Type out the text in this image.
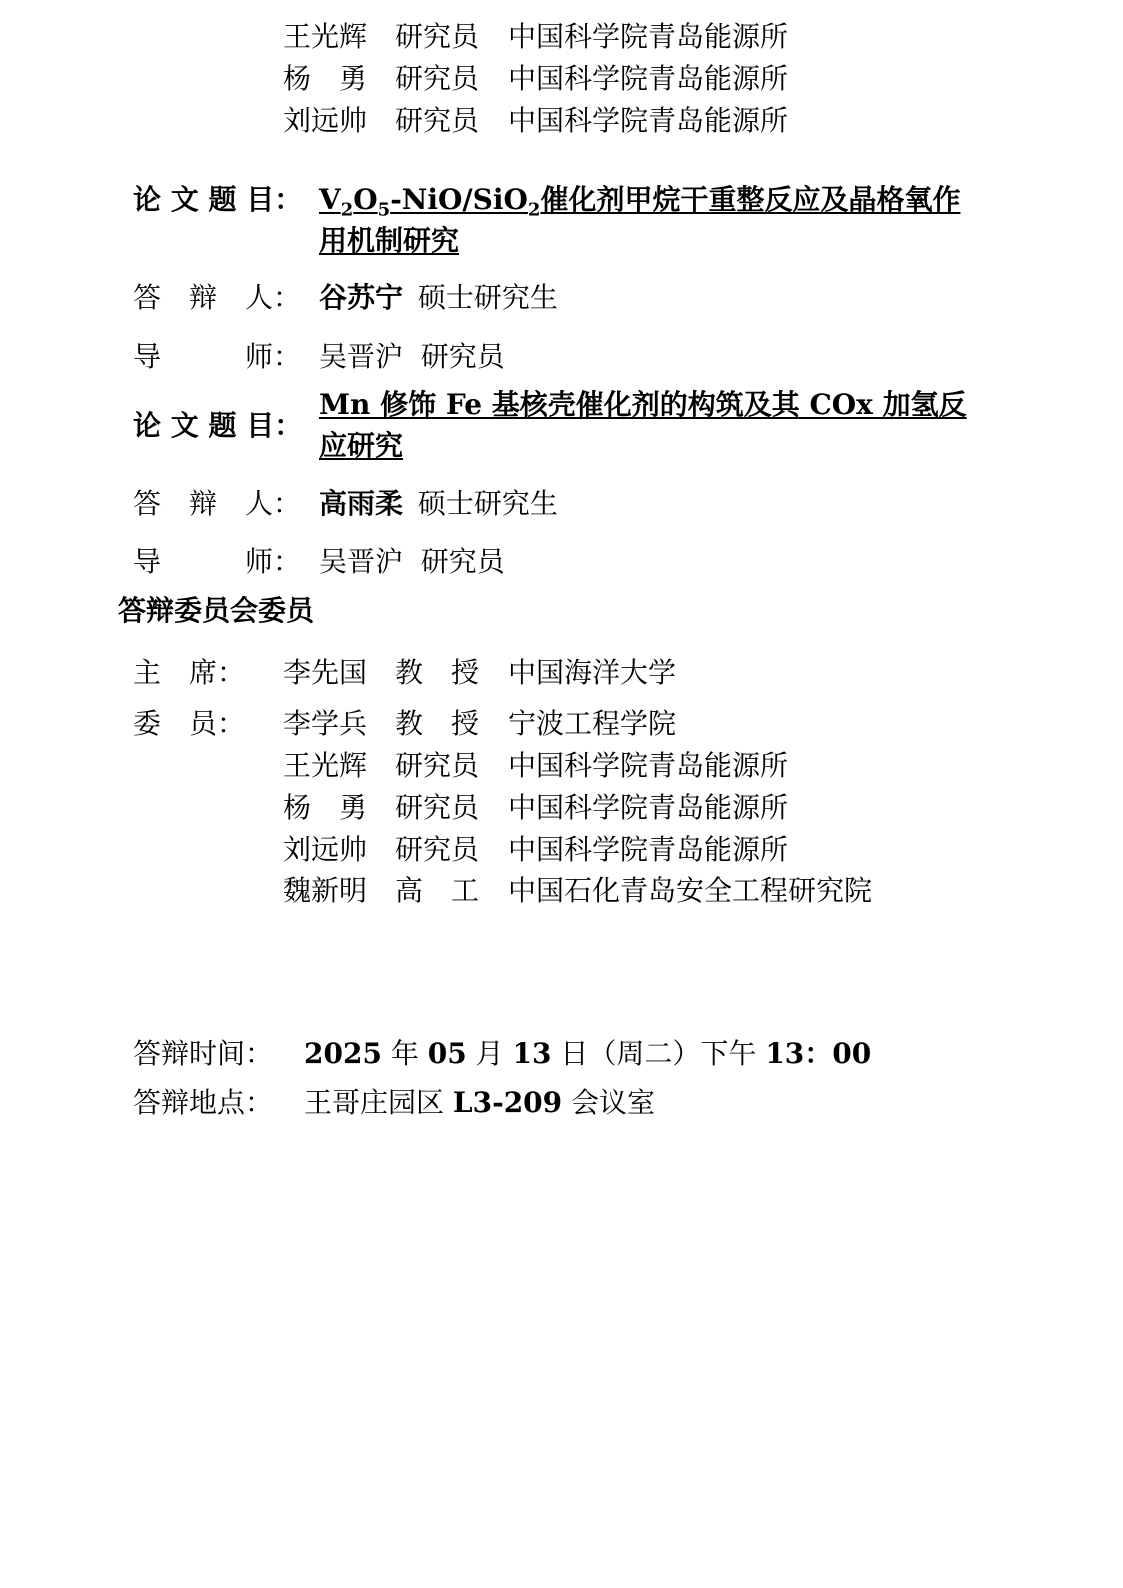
王光辉 研究员 中国科学院青岛能源所
杨　勇 研究员 中国科学院青岛能源所
刘远帅 研究员 中国科学院青岛能源所
论 文 题 目： $V_2O_5-NiO/SiO_2$催化剂甲烷干重整反应及晶格氧作
用机制研究
答　辩　人： 谷苏宁 硕士研究生
导　　　师： 吴晋沪  研究员
论 文 题 目：
Mn 修饰 Fe 基核壳催化剂的构筑及其 COx 加氢反
应研究
答　辩　人： 高雨柔 硕士研究生
导　　　师： 吴晋沪  研究员
答辩委员会委员
主　席： 李先国 教　授 中国海洋大学
委　员： 李学兵 教　授 宁波工程学院
王光辉 研究员 中国科学院青岛能源所
杨　勇 研究员 中国科学院青岛能源所
刘远帅 研究员 中国科学院青岛能源所
魏新明 高　工 中国石化青岛安全工程研究院
答辩时间： 2025 年 05 月 13 日（周二）下午 13：00
答辩地点： 王哥庄园区 L3-209 会议室
